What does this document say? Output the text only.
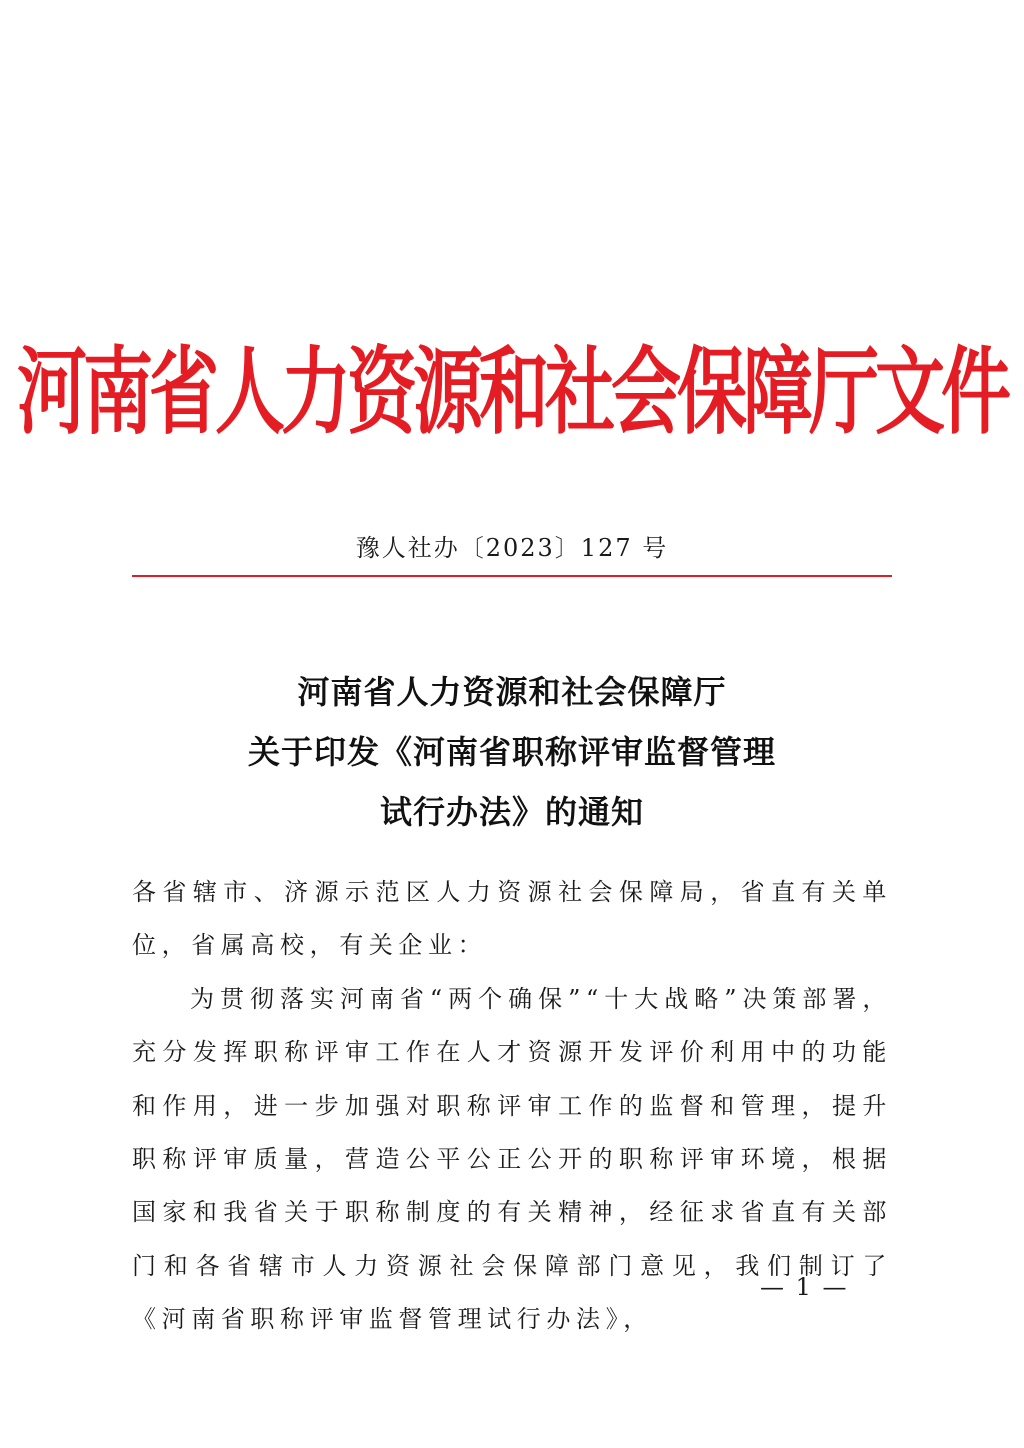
河南省人力资源和社会保障厅文件
豫人社办〔2023〕127 号
河南省人力资源和社会保障厅
关于印发《河南省职称评审监督管理
试行办法》的通知

各省辖市、济源示范区人力资源社会保障局，省直有关单位，省属高校，有关企业：

为贯彻落实河南省“两个确保”“十大战略”决策部署，充分发挥职称评审工作在人才资源开发评价利用中的功能和作用，进一步加强对职称评审工作的监督和管理，提升职称评审质量，营造公平公正公开的职称评审环境，根据国家和我省关于职称制度的有关精神，经征求省直有关部门和各省辖市人力资源社会保障部门意见，我们制订了《河南省职称评审监督管理试行办法》，

— 1 —
